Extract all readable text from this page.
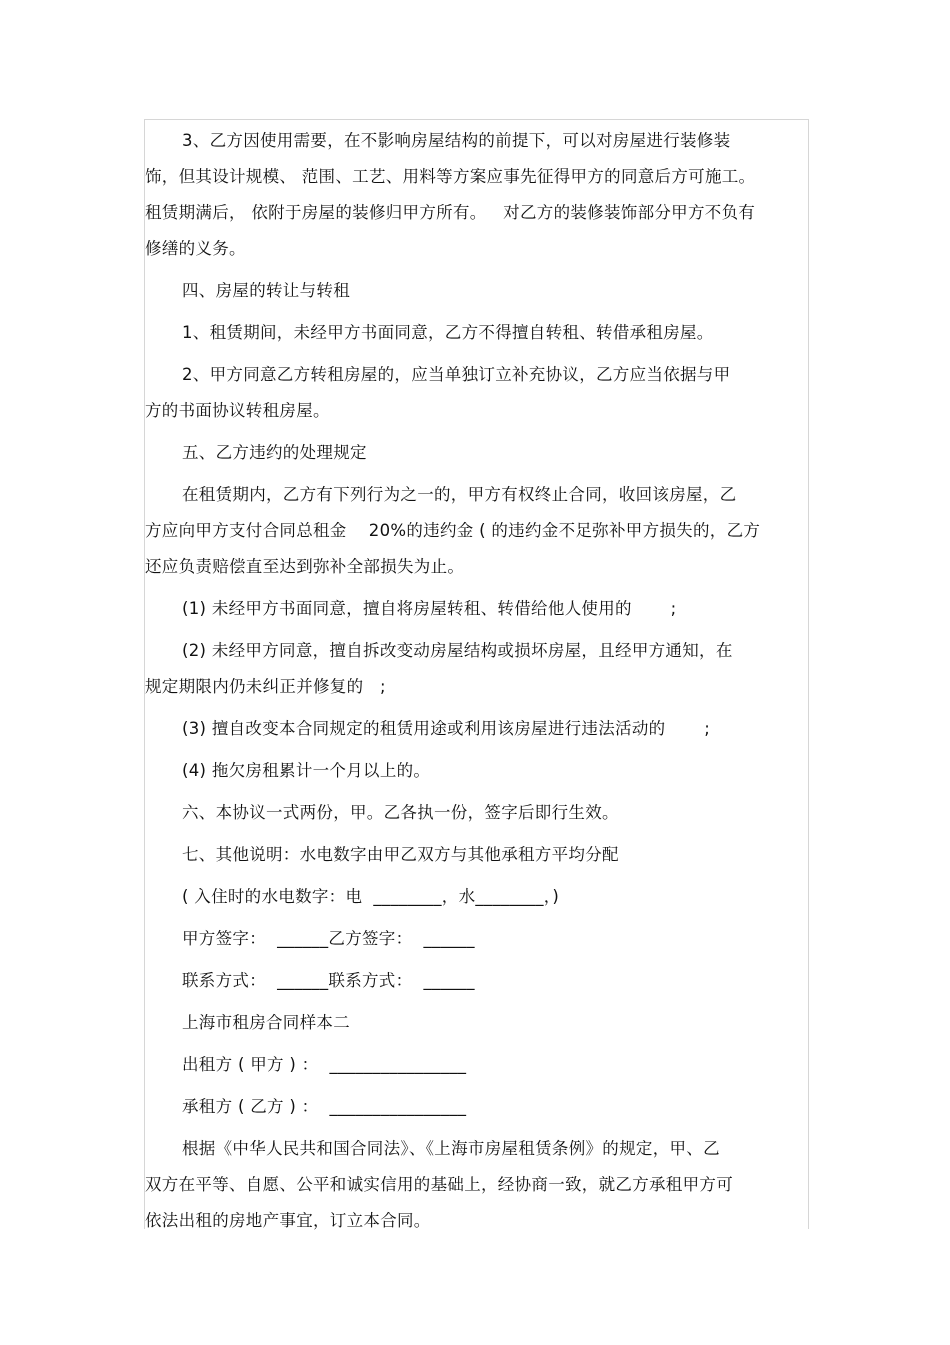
3、乙方因使用需要，在不影响房屋结构的前提下，可以对房屋进行装修装
饰，但其设计规模、 范围、工艺、用料等方案应事先征得甲方的同意后方可施工。
租赁期满后， 依附于房屋的装修归甲方所有。   对乙方的装修装饰部分甲方不负有
修缮的义务。
四、房屋的转让与转租
1、租赁期间，未经甲方书面同意，乙方不得擅自转租、转借承租房屋。
2、甲方同意乙方转租房屋的，应当单独订立补充协议，乙方应当依据与甲
方的书面协议转租房屋。
五、乙方违约的处理规定
在租赁期内，乙方有下列行为之一的，甲方有权终止合同，收回该房屋，乙
方应向甲方支付合同总租金    20%的违约金 ( 的违约金不足弥补甲方损失的，乙方
还应负责赔偿直至达到弥补全部损失为止。
(1) 未经甲方书面同意，擅自将房屋转租、转借给他人使用的       ;
(2) 未经甲方同意，擅自拆改变动房屋结构或损坏房屋，且经甲方通知，在
规定期限内仍未纠正并修复的   ;
(3) 擅自改变本合同规定的租赁用途或利用该房屋进行违法活动的       ;
(4) 拖欠房租累计一个月以上的。
六、本协议一式两份，甲。乙各执一份，签字后即行生效。
七、其他说明：水电数字由甲乙双方与其他承租方平均分配
( 入住时的水电数字：电  ________，水________，)
甲方签字：  ______乙方签字：  ______
联系方式：  ______联系方式：  ______
上海市租房合同样本二
出租方 ( 甲方 ) ：  ________________
承租方 ( 乙方 ) ：  ________________
根据《中华人民共和国合同法》、《上海市房屋租赁条例》的规定，甲、乙
双方在平等、自愿、公平和诚实信用的基础上，经协商一致，就乙方承租甲方可
依法出租的房地产事宜，订立本合同。
